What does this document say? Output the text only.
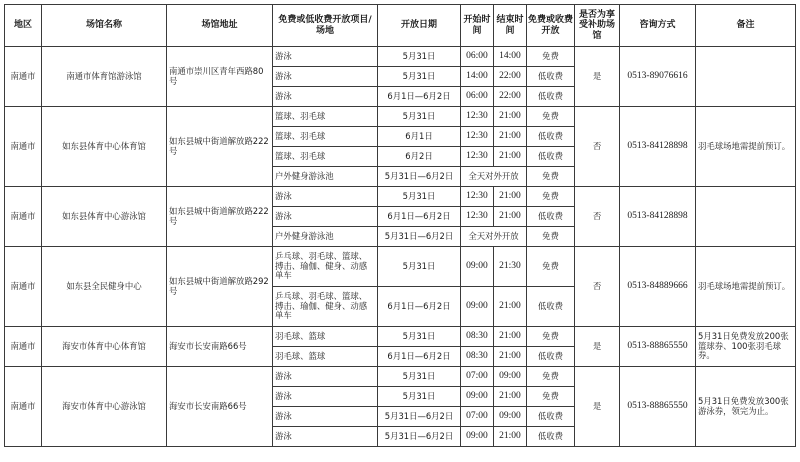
地区	场馆名称	场馆地址	免费或低收费开放项目/场地	开放日期	开始时间	结束时间	免费或收费开放	是否为享受补助场馆	咨询方式	备注
南通市	南通市体育馆游泳馆	南通市崇川区青年西路80号	游泳	5月31日	06:00	14:00	免费	是	0513-89076616	
			游泳	5月31日	14:00	22:00	低收费			
			游泳	6月1日—6月2日	06:00	22:00	低收费			
南通市	如东县体育中心体育馆	如东县城中街道解放路222号	篮球、羽毛球	5月31日	12:30	21:00	免费	否	0513-84128898	羽毛球场地需提前预订。
			篮球、羽毛球	6月1日	12:30	21:00	低收费			
			篮球、羽毛球	6月2日	12:30	21:00	低收费			
			户外健身游泳池	5月31日—6月2日	全天对外开放		免费			
南通市	如东县体育中心游泳馆	如东县城中街道解放路222号	游泳	5月31日	12:30	21:00	免费	否	0513-84128898	
			游泳	6月1日—6月2日	12:30	21:00	低收费			
			户外健身游泳池	5月31日—6月2日	全天对外开放		免费			
南通市	如东县全民健身中心	如东县城中街道解放路292号	乒乓球、羽毛球、篮球、搏击、瑜伽、健身、动感单车	5月31日	09:00	21:30	免费	否	0513-84889666	羽毛球场地需提前预订。
			乒乓球、羽毛球、篮球、搏击、瑜伽、健身、动感单车	6月1日—6月2日	09:00	21:00	低收费			
南通市	海安市体育中心体育馆	海安市长安南路66号	羽毛球、篮球	5月31日	08:30	21:00	免费	是	0513-88865550	5月31日免费发放200张篮球券、100张羽毛球券。
			羽毛球、篮球	6月1日—6月2日	08:30	21:00	低收费			
南通市	海安市体育中心游泳馆	海安市长安南路66号	游泳	5月31日	07:00	09:00	免费	是	0513-88865550	5月31日免费发放300张游泳券，领完为止。
			游泳	5月31日	09:00	21:00	免费			
			游泳	5月31日—6月2日	07:00	09:00	低收费			
			游泳	5月31日—6月2日	09:00	21:00	低收费			
